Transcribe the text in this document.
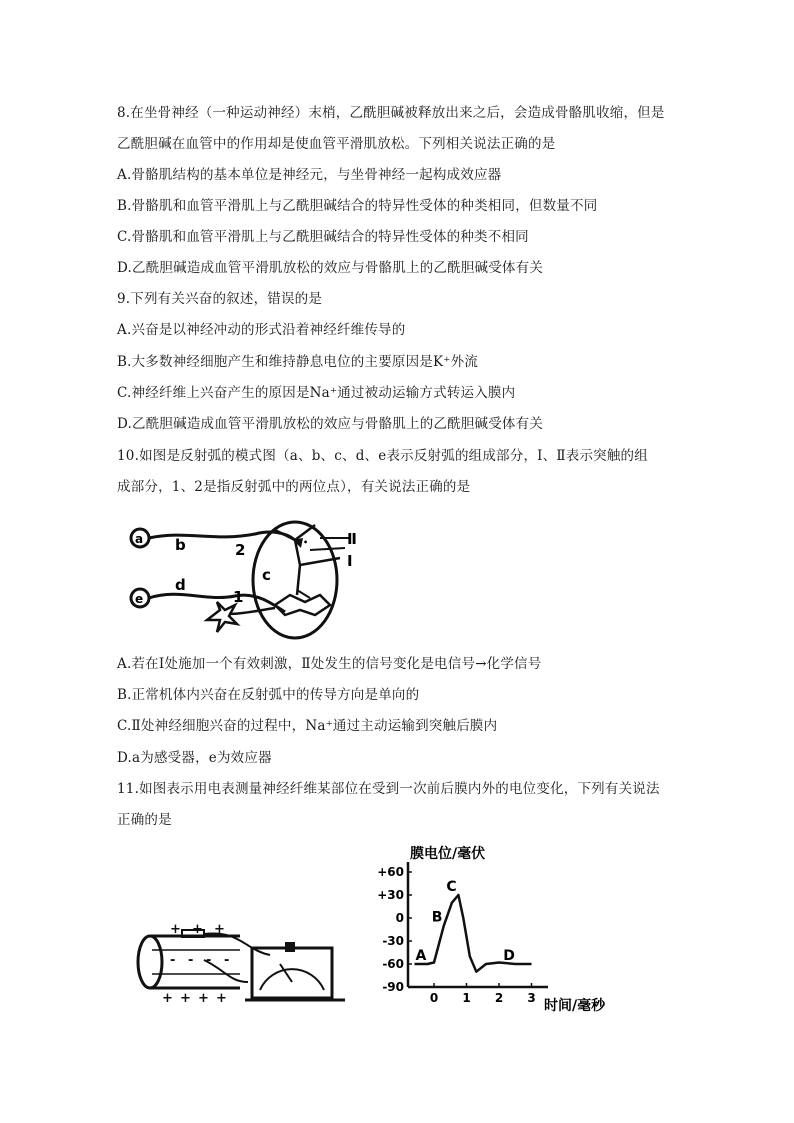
8.在坐骨神经（一种运动神经）末梢，乙酰胆碱被释放出来之后，会造成骨骼肌收缩，但是
乙酰胆碱在血管中的作用却是使血管平滑肌放松。下列相关说法正确的是
A.骨骼肌结构的基本单位是神经元，与坐骨神经一起构成效应器
B.骨骼肌和血管平滑肌上与乙酰胆碱结合的特异性受体的种类相同，但数量不同
C.骨骼肌和血管平滑肌上与乙酰胆碱结合的特异性受体的种类不相同
D.乙酰胆碱造成血管平滑肌放松的效应与骨骼肌上的乙酰胆碱受体有关
9.下列有关兴奋的叙述，错误的是
A.兴奋是以神经冲动的形式沿着神经纤维传导的
B.大多数神经细胞产生和维持静息电位的主要原因是K⁺外流
C.神经纤维上兴奋产生的原因是Na⁺通过被动运输方式转运入膜内
D.乙酰胆碱造成血管平滑肌放松的效应与骨骼肌上的乙酰胆碱受体有关
10.如图是反射弧的模式图（a、b、c、d、e表示反射弧的组成部分，Ⅰ、Ⅱ表示突触的组
成部分，1、2是指反射弧中的两位点），有关说法正确的是
a b	2
c
•	Ⅱ
Ⅰ
e
d
1
A.若在Ⅰ处施加一个有效刺激，Ⅱ处发生的信号变化是电信号→化学信号
B.正常机体内兴奋在反射弧中的传导方向是单向的
C.Ⅱ处神经细胞兴奋的过程中，Na⁺通过主动运输到突触后膜内
D.a为感受器，e为效应器
11.如图表示用电表测量神经纤维某部位在受到一次前后膜内外的电位变化，下列有关说法
正确的是
+ + +
- - - -
+ + + +
膜电位/毫伏
时间/毫秒
+60
+30
0
-30
-60
-90
0 1 2 3
A
B
C
D
